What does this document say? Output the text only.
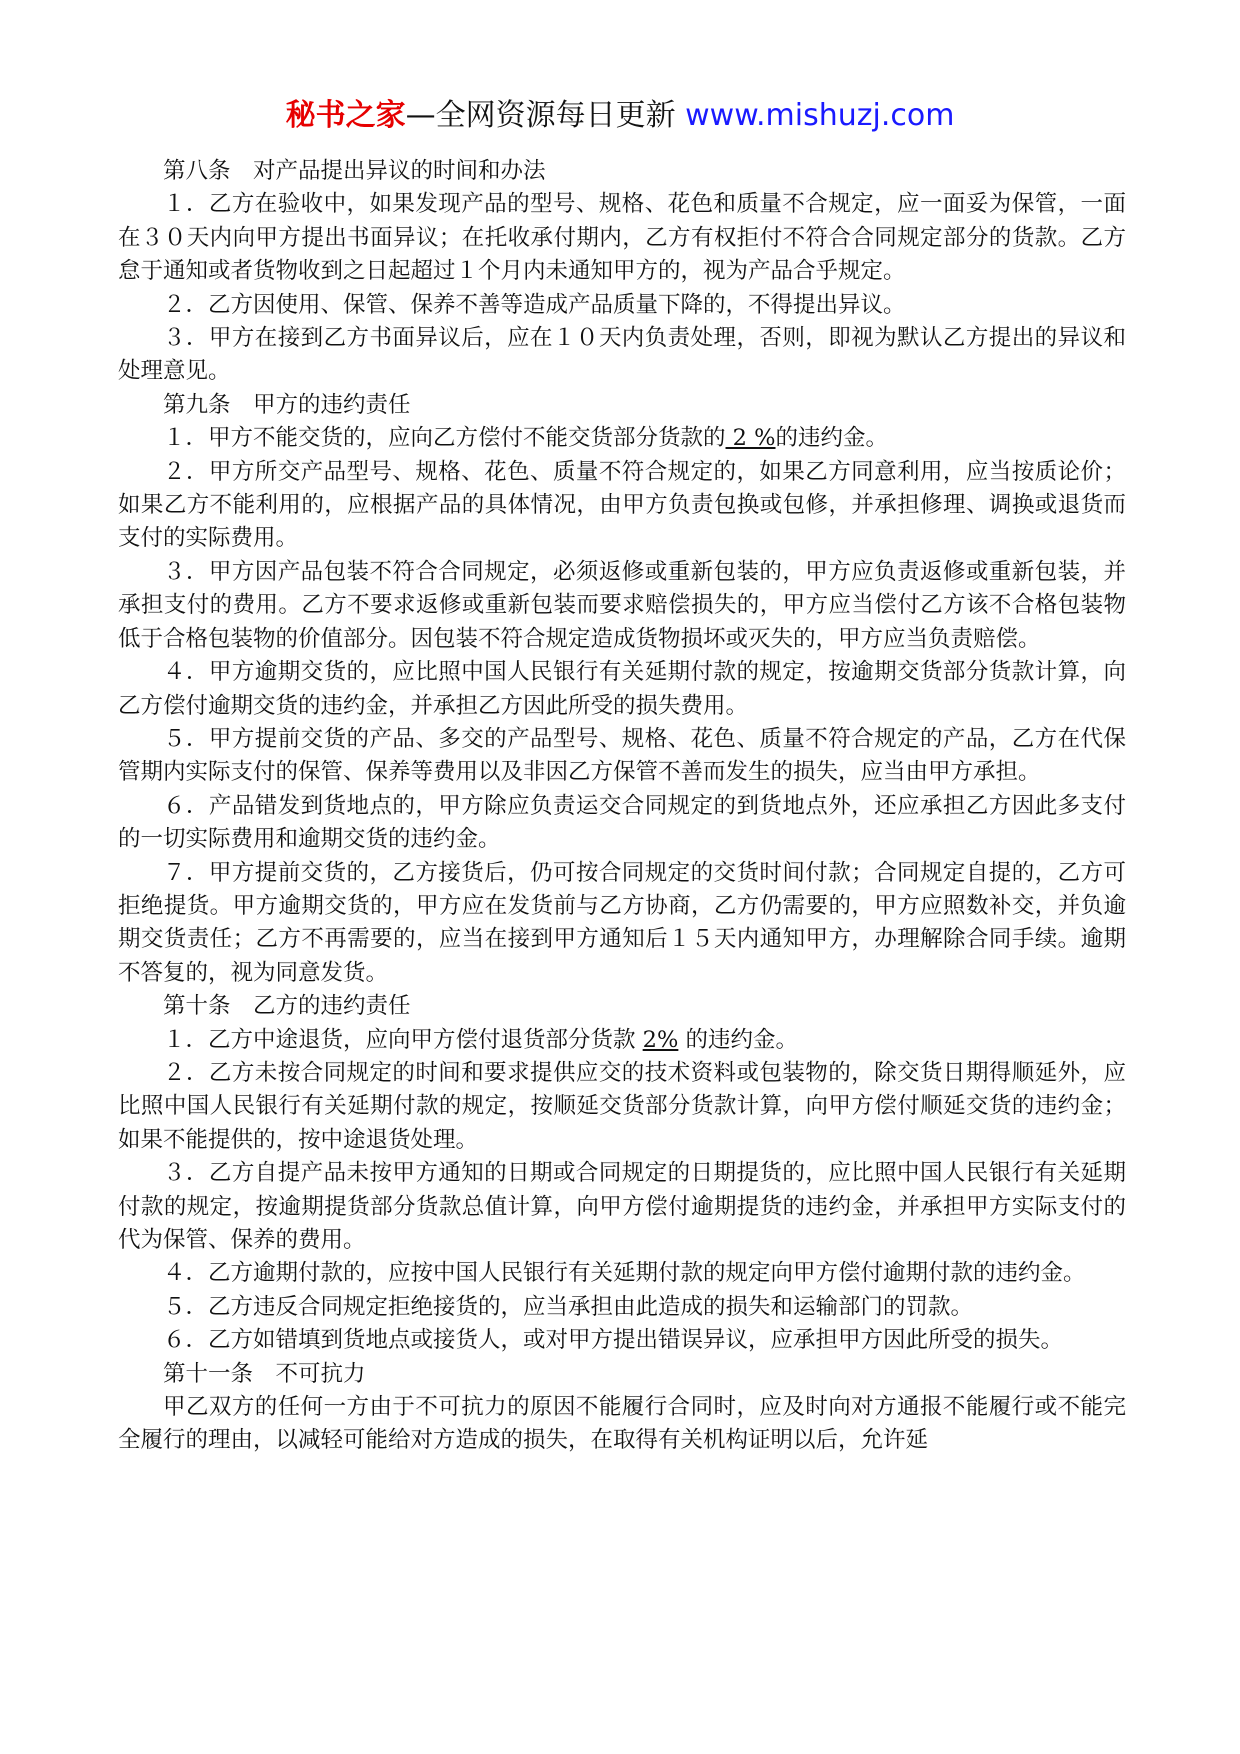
秘书之家—全网资源每日更新 www.mishuzj.com

第八条　对产品提出异议的时间和办法

１．乙方在验收中，如果发现产品的型号、规格、花色和质量不合规定，应一面妥为保管，一面在３０天内向甲方提出书面异议；在托收承付期内，乙方有权拒付不符合合同规定部分的货款。乙方怠于通知或者货物收到之日起超过１个月内未通知甲方的，视为产品合乎规定。

２．乙方因使用、保管、保养不善等造成产品质量下降的，不得提出异议。

３．甲方在接到乙方书面异议后，应在１０天内负责处理，否则，即视为默认乙方提出的异议和处理意见。

第九条　甲方的违约责任

１．甲方不能交货的，应向乙方偿付不能交货部分货款的 2 %的违约金。

２．甲方所交产品型号、规格、花色、质量不符合规定的，如果乙方同意利用，应当按质论价；如果乙方不能利用的，应根据产品的具体情况，由甲方负责包换或包修，并承担修理、调换或退货而支付的实际费用。

３．甲方因产品包装不符合合同规定，必须返修或重新包装的，甲方应负责返修或重新包装，并承担支付的费用。乙方不要求返修或重新包装而要求赔偿损失的，甲方应当偿付乙方该不合格包装物低于合格包装物的价值部分。因包装不符合规定造成货物损坏或灭失的，甲方应当负责赔偿。

４．甲方逾期交货的，应比照中国人民银行有关延期付款的规定，按逾期交货部分货款计算，向乙方偿付逾期交货的违约金，并承担乙方因此所受的损失费用。

５．甲方提前交货的产品、多交的产品型号、规格、花色、质量不符合规定的产品，乙方在代保管期内实际支付的保管、保养等费用以及非因乙方保管不善而发生的损失，应当由甲方承担。

６．产品错发到货地点的，甲方除应负责运交合同规定的到货地点外，还应承担乙方因此多支付的一切实际费用和逾期交货的违约金。

７．甲方提前交货的，乙方接货后，仍可按合同规定的交货时间付款；合同规定自提的，乙方可拒绝提货。甲方逾期交货的，甲方应在发货前与乙方协商，乙方仍需要的，甲方应照数补交，并负逾期交货责任；乙方不再需要的，应当在接到甲方通知后１５天内通知甲方，办理解除合同手续。逾期不答复的，视为同意发货。

第十条　乙方的违约责任

１．乙方中途退货，应向甲方偿付退货部分货款 2% 的违约金。

２．乙方未按合同规定的时间和要求提供应交的技术资料或包装物的，除交货日期得顺延外，应比照中国人民银行有关延期付款的规定，按顺延交货部分货款计算，向甲方偿付顺延交货的违约金；如果不能提供的，按中途退货处理。

３．乙方自提产品未按甲方通知的日期或合同规定的日期提货的，应比照中国人民银行有关延期付款的规定，按逾期提货部分货款总值计算，向甲方偿付逾期提货的违约金，并承担甲方实际支付的代为保管、保养的费用。

４．乙方逾期付款的，应按中国人民银行有关延期付款的规定向甲方偿付逾期付款的违约金。

５．乙方违反合同规定拒绝接货的，应当承担由此造成的损失和运输部门的罚款。

６．乙方如错填到货地点或接货人，或对甲方提出错误异议，应承担甲方因此所受的损失。

第十一条　不可抗力

甲乙双方的任何一方由于不可抗力的原因不能履行合同时，应及时向对方通报不能履行或不能完全履行的理由，以减轻可能给对方造成的损失，在取得有关机构证明以后，允许延
